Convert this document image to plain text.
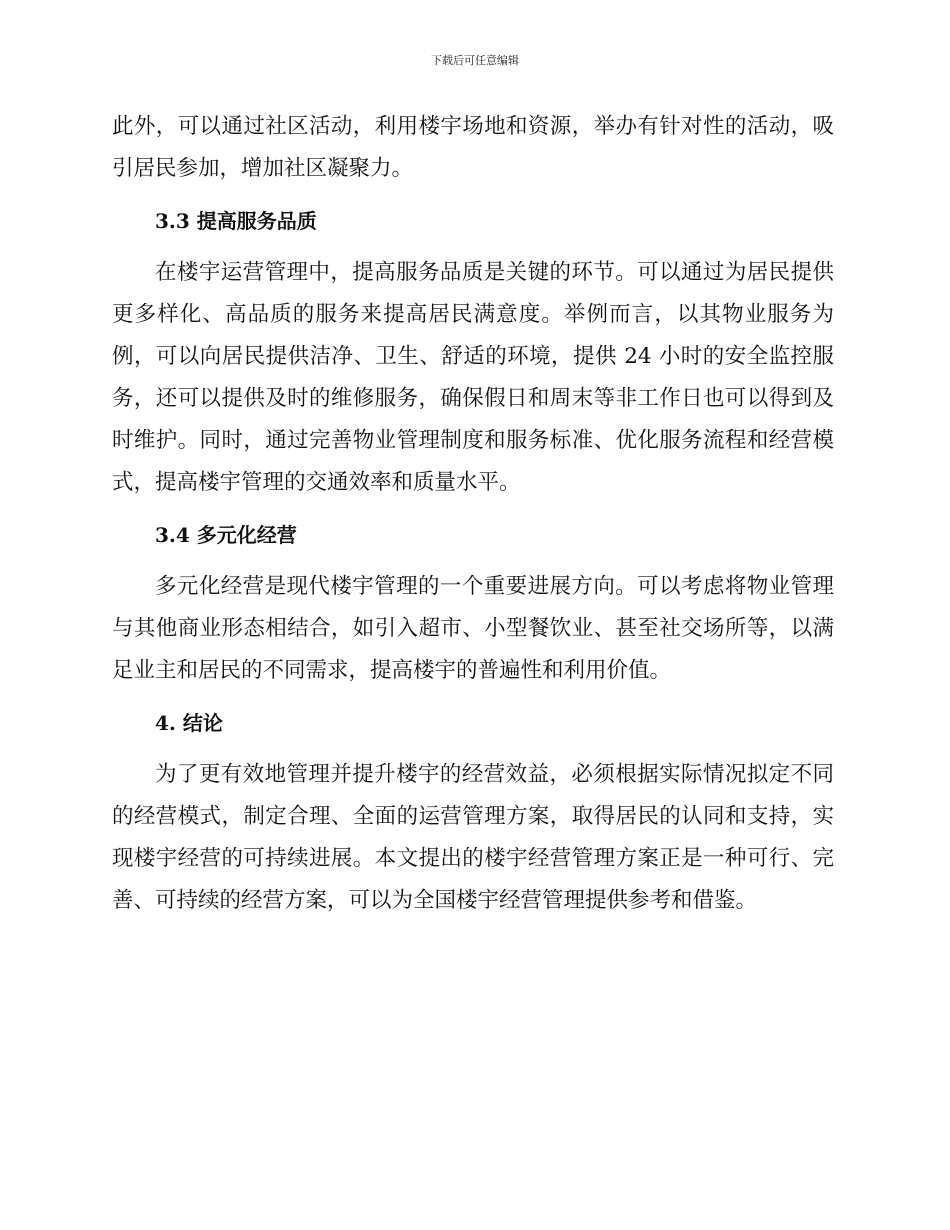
下载后可任意编辑

此外，可以通过社区活动，利用楼宇场地和资源，举办有针对性的活动，吸引居民参加，增加社区凝聚力。

3.3 提高服务品质

在楼宇运营管理中，提高服务品质是关键的环节。可以通过为居民提供更多样化、高品质的服务来提高居民满意度。举例而言，以其物业服务为例，可以向居民提供洁净、卫生、舒适的环境，提供 24 小时的安全监控服务，还可以提供及时的维修服务，确保假日和周末等非工作日也可以得到及时维护。同时，通过完善物业管理制度和服务标准、优化服务流程和经营模式，提高楼宇管理的交通效率和质量水平。

3.4 多元化经营

多元化经营是现代楼宇管理的一个重要进展方向。可以考虑将物业管理与其他商业形态相结合，如引入超市、小型餐饮业、甚至社交场所等，以满足业主和居民的不同需求，提高楼宇的普遍性和利用价值。

4. 结论

为了更有效地管理并提升楼宇的经营效益，必须根据实际情况拟定不同的经营模式，制定合理、全面的运营管理方案，取得居民的认同和支持，实现楼宇经营的可持续进展。本文提出的楼宇经营管理方案正是一种可行、完善、可持续的经营方案，可以为全国楼宇经营管理提供参考和借鉴。
